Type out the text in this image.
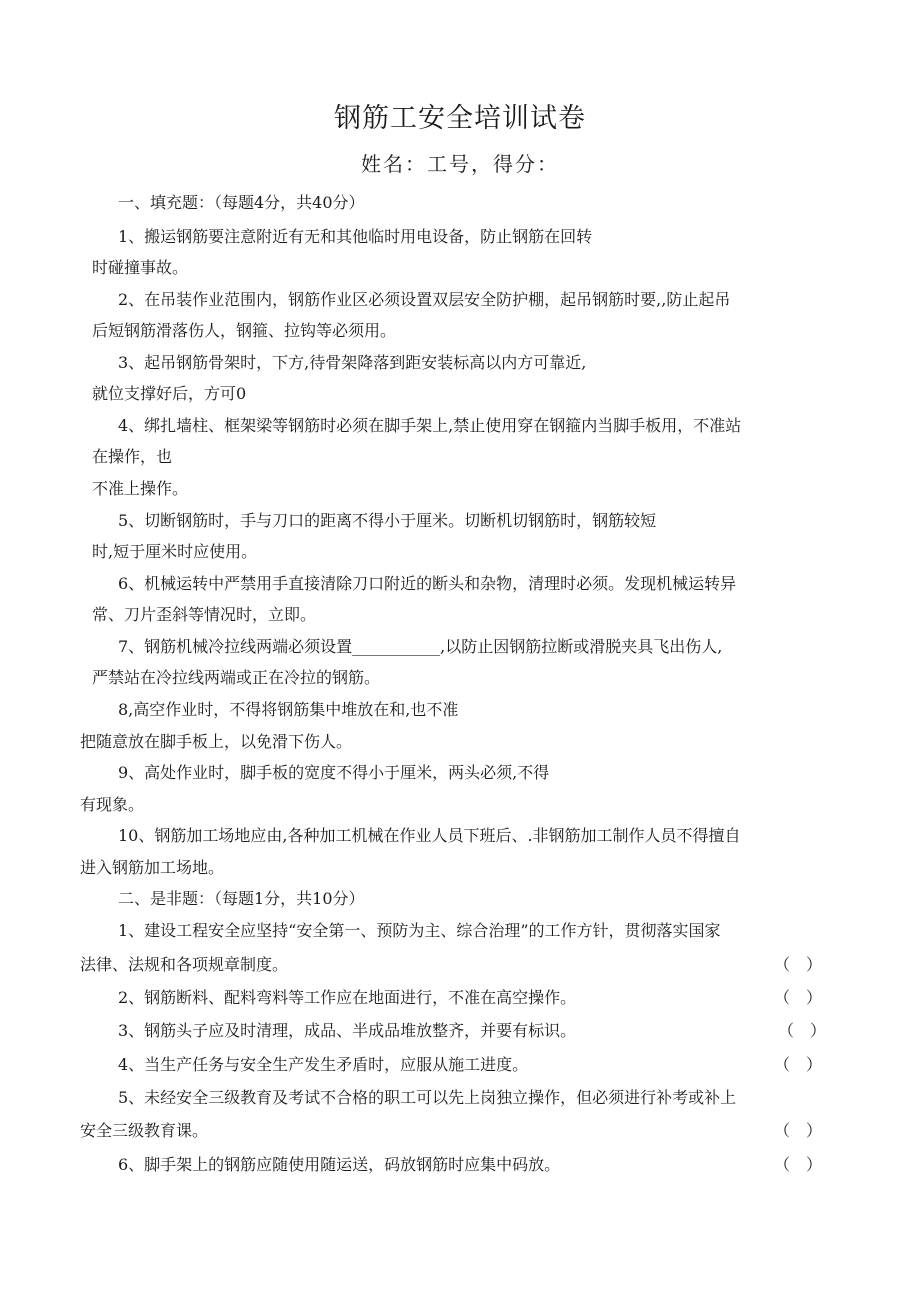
钢筋工安全培训试卷
姓名：工号，得分：
一、填充题：（每题4分，共40分）
1、搬运钢筋要注意附近有无和其他临时用电设备，防止钢筋在回转
时碰撞事故。
2、在吊装作业范围内，钢筋作业区必须设置双层安全防护棚，起吊钢筋时要,,防止起吊
后短钢筋滑落伤人，钢箍、拉钩等必须用。
3、起吊钢筋骨架时，下方,待骨架降落到距安装标高以内方可靠近,
就位支撑好后，方可0
4、绑扎墙柱、框架梁等钢筋时必须在脚手架上,禁止使用穿在钢箍内当脚手板用，不准站
在操作，也
不准上操作。
5、切断钢筋时，手与刀口的距离不得小于厘米。切断机切钢筋时，钢筋较短
时,短于厘米时应使用。
6、机械运转中严禁用手直接清除刀口附近的断头和杂物，清理时必须。发现机械运转异
常、刀片歪斜等情况时，立即。
7、钢筋机械冷拉线两端必须设置___________,以防止因钢筋拉断或滑脱夹具飞出伤人,
严禁站在冷拉线两端或正在冷拉的钢筋。
8,高空作业时，不得将钢筋集中堆放在和,也不准
把随意放在脚手板上，以免滑下伤人。
9、高处作业时，脚手板的宽度不得小于厘米，两头必须,不得
有现象。
10、钢筋加工场地应由,各种加工机械在作业人员下班后、.非钢筋加工制作人员不得擅自
进入钢筋加工场地。
二、是非题：（每题1分，共10分）
1、建设工程安全应坚持“安全第一、预防为主、综合治理”的工作方针，贯彻落实国家
法律、法规和各项规章制度。	（　）
2、钢筋断料、配料弯料等工作应在地面进行，不准在高空操作。	（　）
3、钢筋头子应及时清理，成品、半成品堆放整齐，并要有标识。	（　）
4、当生产任务与安全生产发生矛盾时，应服从施工进度。	（　）
5、未经安全三级教育及考试不合格的职工可以先上岗独立操作，但必须进行补考或补上
安全三级教育课。	（　）
6、脚手架上的钢筋应随使用随运送，码放钢筋时应集中码放。	（　）
